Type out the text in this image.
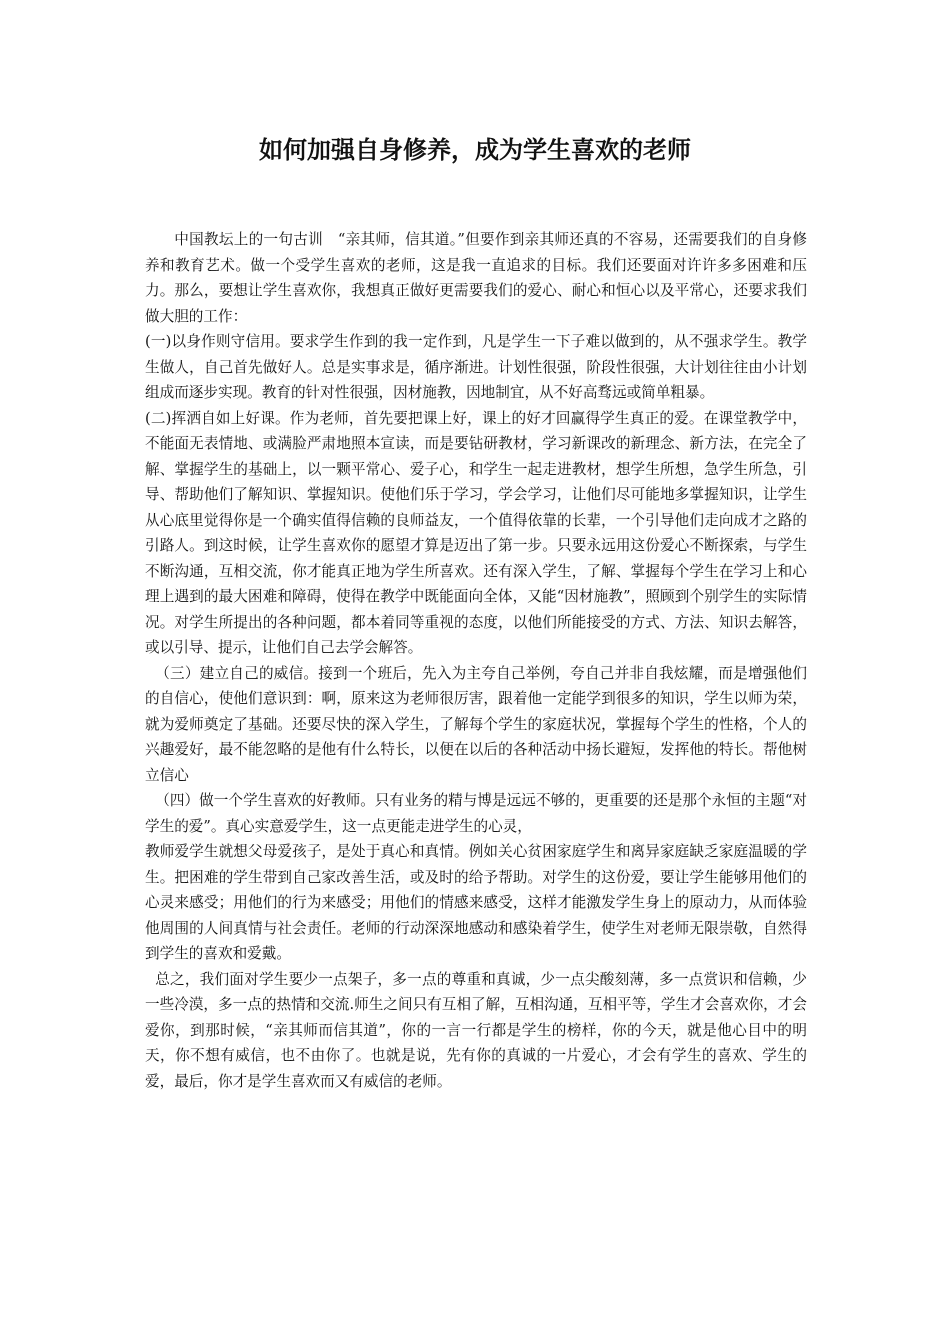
如何加强自身修养，成为学生喜欢的老师

中国教坛上的一句古训　“亲其师，信其道。”但要作到亲其师还真的不容易，还需要我们的自身修养和教育艺术。做一个受学生喜欢的老师，这是我一直追求的目标。我们还要面对许许多多困难和压力。那么，要想让学生喜欢你，我想真正做好更需要我们的爱心、耐心和恒心以及平常心，还要求我们做大胆的工作：

(一)以身作则守信用。要求学生作到的我一定作到，凡是学生一下子难以做到的，从不强求学生。教学生做人，自己首先做好人。总是实事求是，循序渐进。计划性很强，阶段性很强，大计划往往由小计划组成而逐步实现。教育的针对性很强，因材施教，因地制宜，从不好高骛远或简单粗暴。

(二)挥洒自如上好课。作为老师，首先要把课上好，课上的好才回赢得学生真正的爱。在课堂教学中，不能面无表情地、或满脸严肃地照本宣读，而是要钻研教材，学习新课改的新理念、新方法，在完全了解、掌握学生的基础上，以一颗平常心、爱子心，和学生一起走进教材，想学生所想，急学生所急，引导、帮助他们了解知识、掌握知识。使他们乐于学习，学会学习，让他们尽可能地多掌握知识，让学生从心底里觉得你是一个确实值得信赖的良师益友，一个值得依靠的长辈，一个引导他们走向成才之路的引路人。到这时候，让学生喜欢你的愿望才算是迈出了第一步。只要永远用这份爱心不断探索，与学生不断沟通，互相交流，你才能真正地为学生所喜欢。还有深入学生，了解、掌握每个学生在学习上和心理上遇到的最大困难和障碍，使得在教学中既能面向全体，又能“因材施教”，照顾到个别学生的实际情况。对学生所提出的各种问题，都本着同等重视的态度，以他们所能接受的方式、方法、知识去解答，或以引导、提示，让他们自己去学会解答。

（三）建立自己的威信。接到一个班后，先入为主夸自己举例，夸自己并非自我炫耀，而是增强他们的自信心，使他们意识到：啊，原来这为老师很厉害，跟着他一定能学到很多的知识，学生以师为荣，就为爱师奠定了基础。还要尽快的深入学生，了解每个学生的家庭状况，掌握每个学生的性格，个人的兴趣爱好，最不能忽略的是他有什么特长，以便在以后的各种活动中扬长避短，发挥他的特长。帮他树立信心

（四）做一个学生喜欢的好教师。只有业务的精与博是远远不够的，更重要的还是那个永恒的主题“对学生的爱”。真心实意爱学生，这一点更能走进学生的心灵，

教师爱学生就想父母爱孩子，是处于真心和真情。例如关心贫困家庭学生和离异家庭缺乏家庭温暖的学生。把困难的学生带到自己家改善生活，或及时的给予帮助。对学生的这份爱，要让学生能够用他们的心灵来感受；用他们的行为来感受；用他们的情感来感受，这样才能激发学生身上的原动力，从而体验他周围的人间真情与社会责任。老师的行动深深地感动和感染着学生，使学生对老师无限崇敬，自然得到学生的喜欢和爱戴。

总之，我们面对学生要少一点架子，多一点的尊重和真诚，少一点尖酸刻薄，多一点赏识和信赖，少一些冷漠，多一点的热情和交流.师生之间只有互相了解，互相沟通，互相平等，学生才会喜欢你，才会爱你，到那时候，“亲其师而信其道”，你的一言一行都是学生的榜样，你的今天，就是他心目中的明天，你不想有威信，也不由你了。也就是说，先有你的真诚的一片爱心，才会有学生的喜欢、学生的爱，最后，你才是学生喜欢而又有威信的老师。
